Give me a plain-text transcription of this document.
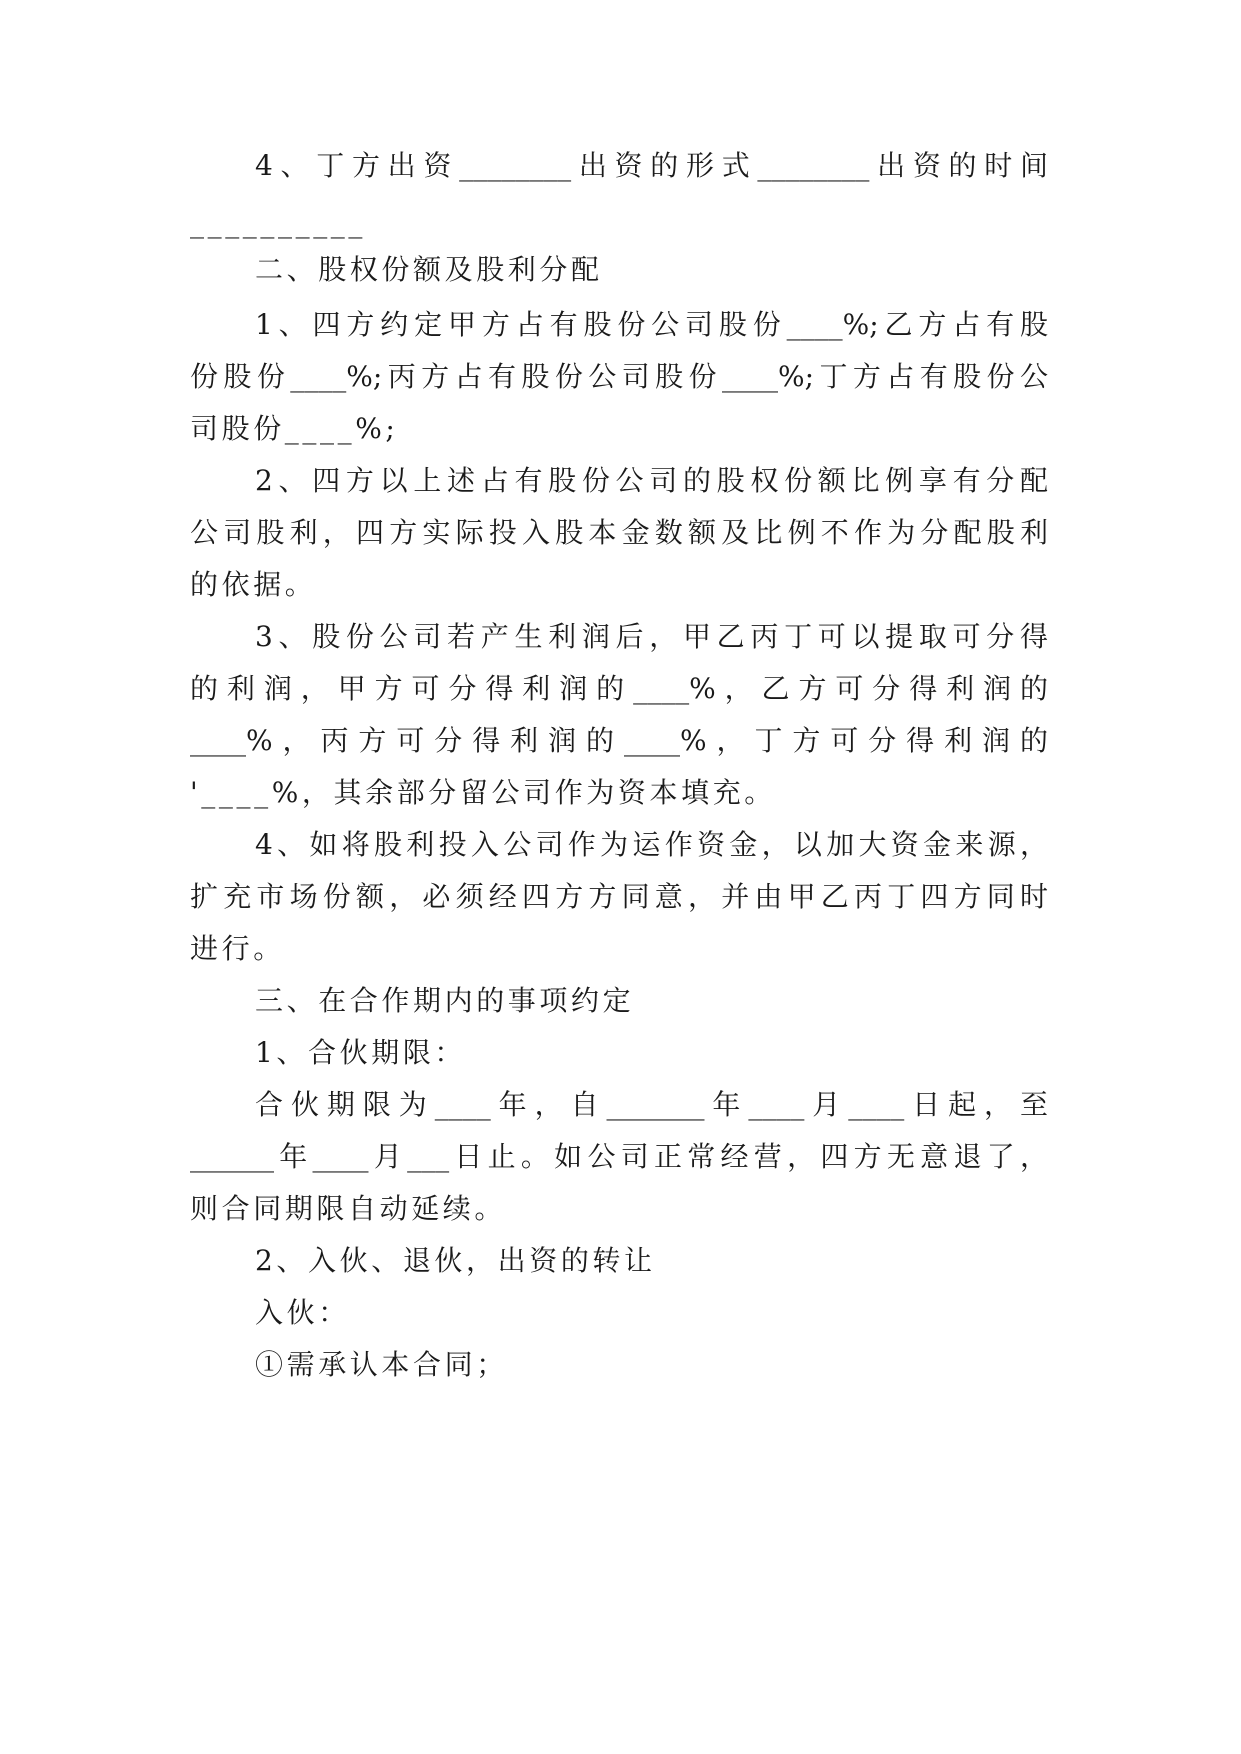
4、丁方出资________出资的形式________出资的时间
__________
二、股权份额及股利分配
1、四方约定甲方占有股份公司股份____%;乙方占有股
份股份____%;丙方占有股份公司股份____%;丁方占有股份公
司股份____%;
2、四方以上述占有股份公司的股权份额比例享有分配
公司股利，四方实际投入股本金数额及比例不作为分配股利
的依据。
3、股份公司若产生利润后，甲乙丙丁可以提取可分得
的利润，甲方可分得利润的____%，乙方可分得利润的
____%，丙方可分得利润的____%，丁方可分得利润的
'____%，其余部分留公司作为资本填充。
4、如将股利投入公司作为运作资金，以加大资金来源，
扩充市场份额，必须经四方方同意，并由甲乙丙丁四方同时
进行。
三、在合作期内的事项约定
1、合伙期限：
合伙期限为____年，自_______年____月____日起，至
______年____月___日止。如公司正常经营，四方无意退了，
则合同期限自动延续。
2、入伙、退伙，出资的转让
入伙：
①需承认本合同；
